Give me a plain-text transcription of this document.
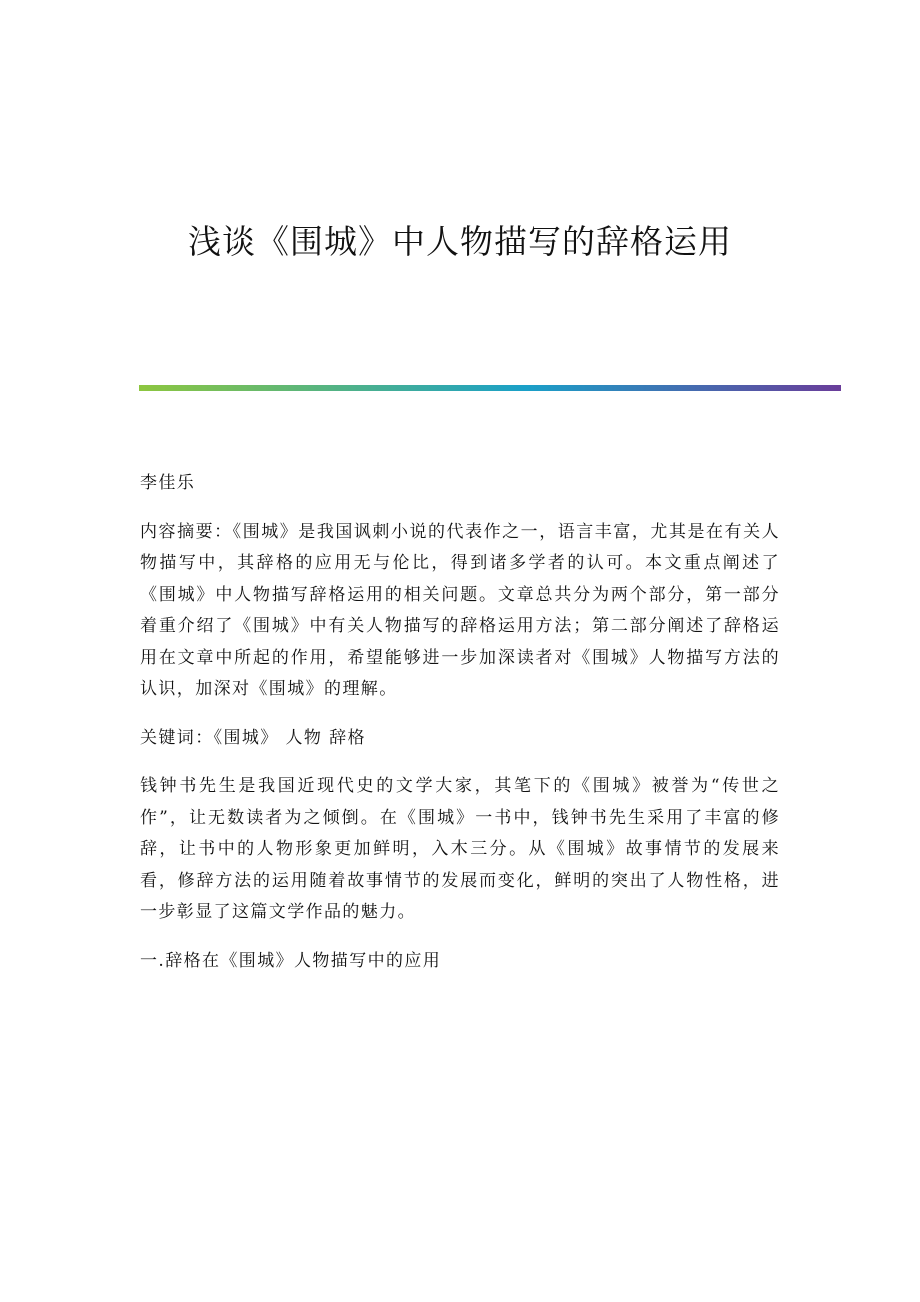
浅谈《围城》中人物描写的辞格运用

李佳乐

内容摘要：《围城》是我国讽刺小说的代表作之一，语言丰富，尤其是在有关人物描写中，其辞格的应用无与伦比，得到诸多学者的认可。本文重点阐述了《围城》中人物描写辞格运用的相关问题。文章总共分为两个部分，第一部分着重介绍了《围城》中有关人物描写的辞格运用方法；第二部分阐述了辞格运用在文章中所起的作用，希望能够进一步加深读者对《围城》人物描写方法的认识，加深对《围城》的理解。

关键词：《围城》 人物 辞格

钱钟书先生是我国近现代史的文学大家，其笔下的《围城》被誉为“传世之作”，让无数读者为之倾倒。在《围城》一书中，钱钟书先生采用了丰富的修辞，让书中的人物形象更加鲜明，入木三分。从《围城》故事情节的发展来看，修辞方法的运用随着故事情节的发展而变化，鲜明的突出了人物性格，进一步彰显了这篇文学作品的魅力。

一.辞格在《围城》人物描写中的应用
